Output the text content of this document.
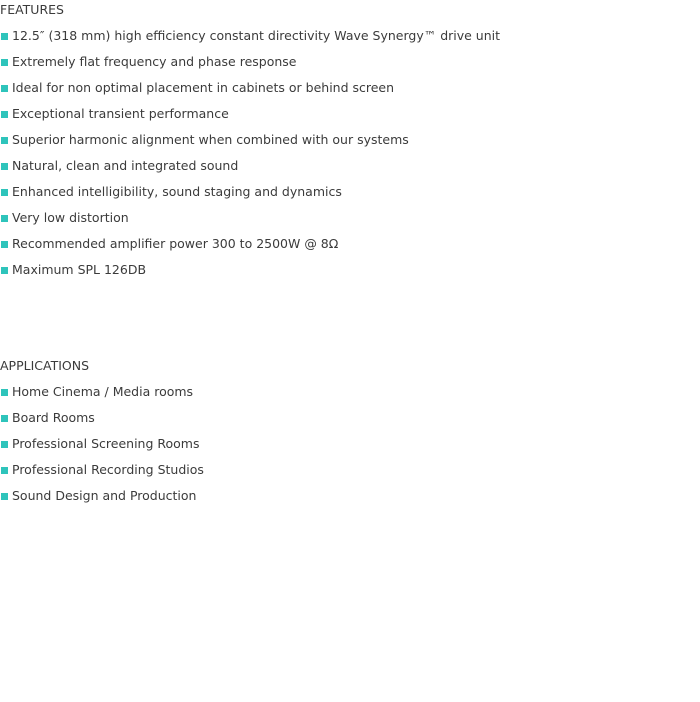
FEATURES
12.5″ (318 mm) high efficiency constant directivity Wave Synergy™ drive unit
Extremely flat frequency and phase response
Ideal for non optimal placement in cabinets or behind screen
Exceptional transient performance
Superior harmonic alignment when combined with our systems
Natural, clean and integrated sound
Enhanced intelligibility, sound staging and dynamics
Very low distortion
Recommended amplifier power 300 to 2500W @ 8Ω
Maximum SPL 126DB
APPLICATIONS
Home Cinema / Media rooms
Board Rooms
Professional Screening Rooms
Professional Recording Studios
Sound Design and Production
